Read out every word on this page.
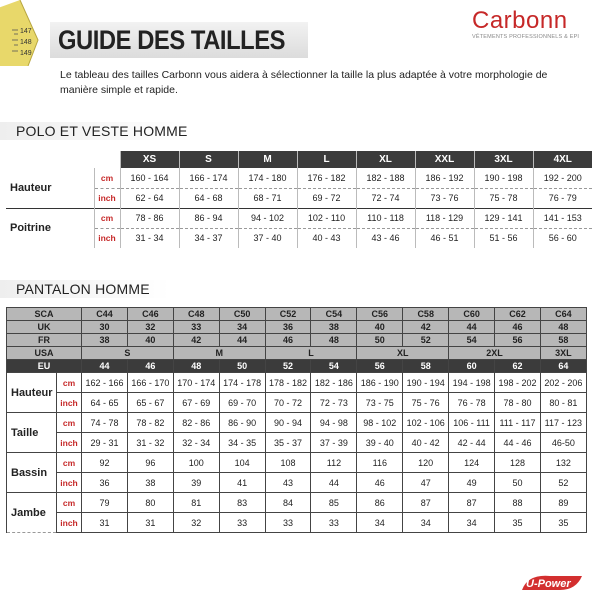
147
148
149 GUIDE DES TAILLES
Carbonn
VÊTEMENTS PROFESSIONNELS & EPI
Le tableau des tailles Carbonn vous aidera à sélectionner la taille la plus adaptée à votre morphologie de manière simple et rapide.
POLO ET VESTE HOMME
		XS	S	M	L	XL	XXL	3XL	4XL
Hauteur	cm	160 - 164	166 - 174	174 - 180	176 - 182	182 - 188	186 - 192	190 - 198	192 - 200
	inch	62 - 64	64 - 68	68 - 71	69 - 72	72 - 74	73 - 76	75 - 78	76 - 79
Poitrine	cm	78 - 86	86 - 94	94 - 102	102 - 110	110 - 118	118 - 129	129 - 141	141 - 153
	inch	31 - 34	34 - 37	37 - 40	40 - 43	43 - 46	46 - 51	51 - 56	56 - 60
PANTALON HOMME
SCA		C44	C46	C48	C50	C52	C54	C56	C58	C60	C62	C64	
UK		30	32	33	34	36	38	40	42	44	46	48	
FR		38	40	42	44	46	48	50	52	54	56	58	
USA		S		M		L		XL		2XL		3XL	
EU		44	46	48	50	52	54	56	58	60	62	64	
Hauteur	cm	162 - 166	166 - 170	170 - 174	174 - 178	178 - 182	182 - 186	186 - 190	190 - 194	194 - 198	198 - 202	202 - 206	
	inch	64 - 65	65 - 67	67 - 69	69 - 70	70 - 72	72 - 73	73 - 75	75 - 76	76 - 78	78 - 80	80 - 81	
Taille	cm	74 - 78	78 - 82	82 - 86	86 - 90	90 - 94	94 - 98	98 - 102	102 - 106	106 - 111	111 - 117	117 - 123	
	inch	29 - 31	31 - 32	32 - 34	34 - 35	35 - 37	37 - 39	39 - 40	40 - 42	42 - 44	44 - 46	46-50	
Bassin	cm	92	96	100	104	108	112	116	120	124	128	132	
	inch	36	38	39	41	43	44	46	47	49	50	52	
Jambe	cm	79	80	81	83	84	85	86	87	87	88	89	
	inch	31	31	32	33	33	33	34	34	34	35	35	
U-Power
